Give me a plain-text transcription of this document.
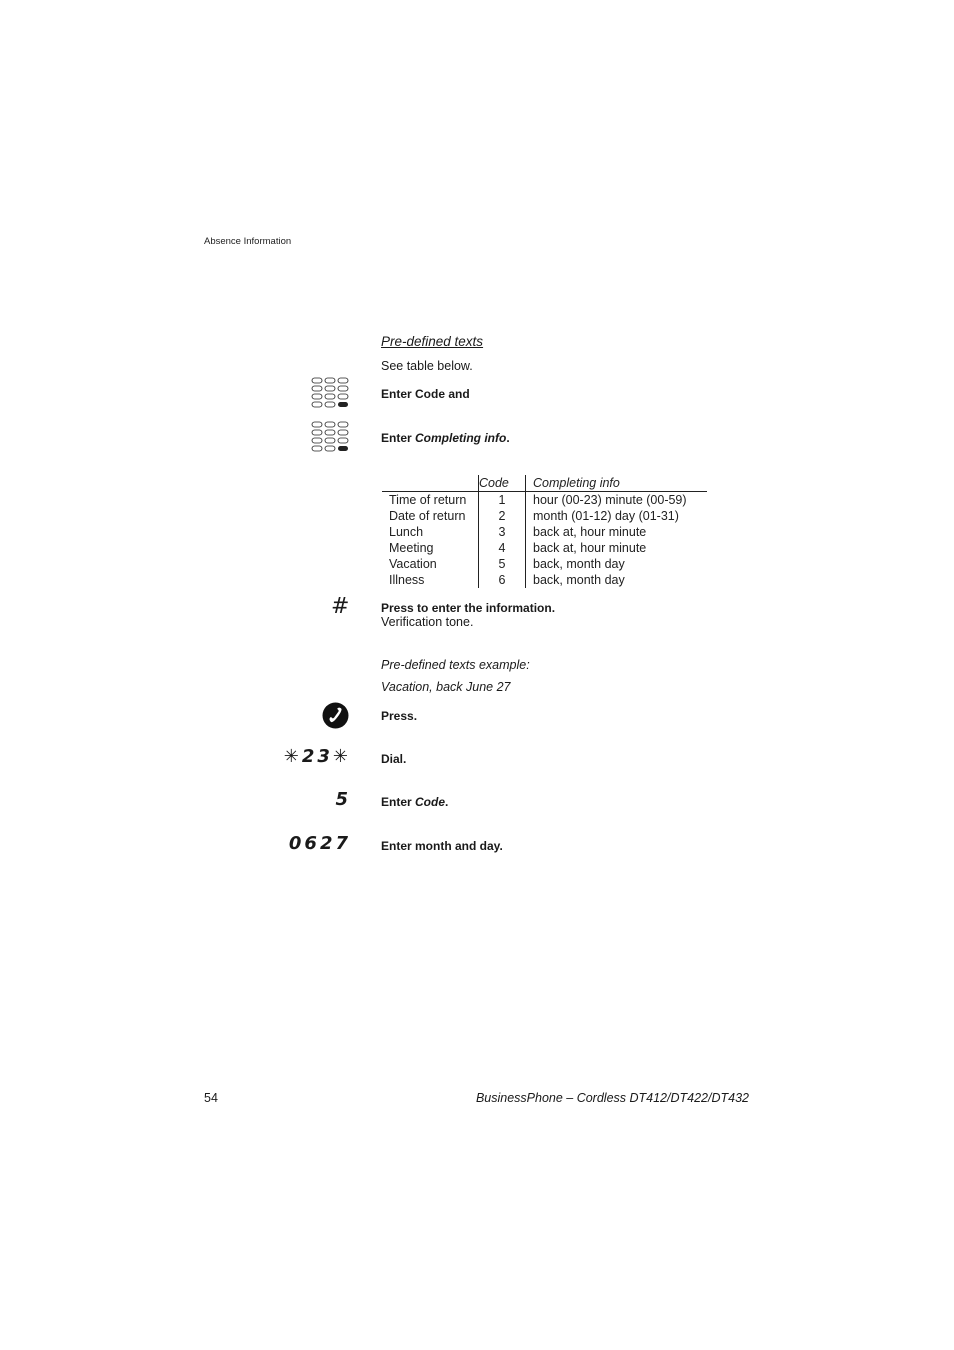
Absence Information
Pre-defined texts
See table below.
Enter Code and
Enter Completing info.
	Code	Completing info
Time of return	1	hour (00-23) minute (00-59)
Date of return	2	month (01-12) day (01-31)
Lunch	3	back at, hour minute
Meeting	4	back at, hour minute
Vacation	5	back, month day
Illness	6	back, month day
#	Press to enter the information.
Verification tone.
Pre-defined texts example:
Vacation, back June 27
Press.
✳23✳	Dial.
5	Enter Code.
0627	Enter month and day.
54	BusinessPhone – Cordless DT412/DT422/DT432
